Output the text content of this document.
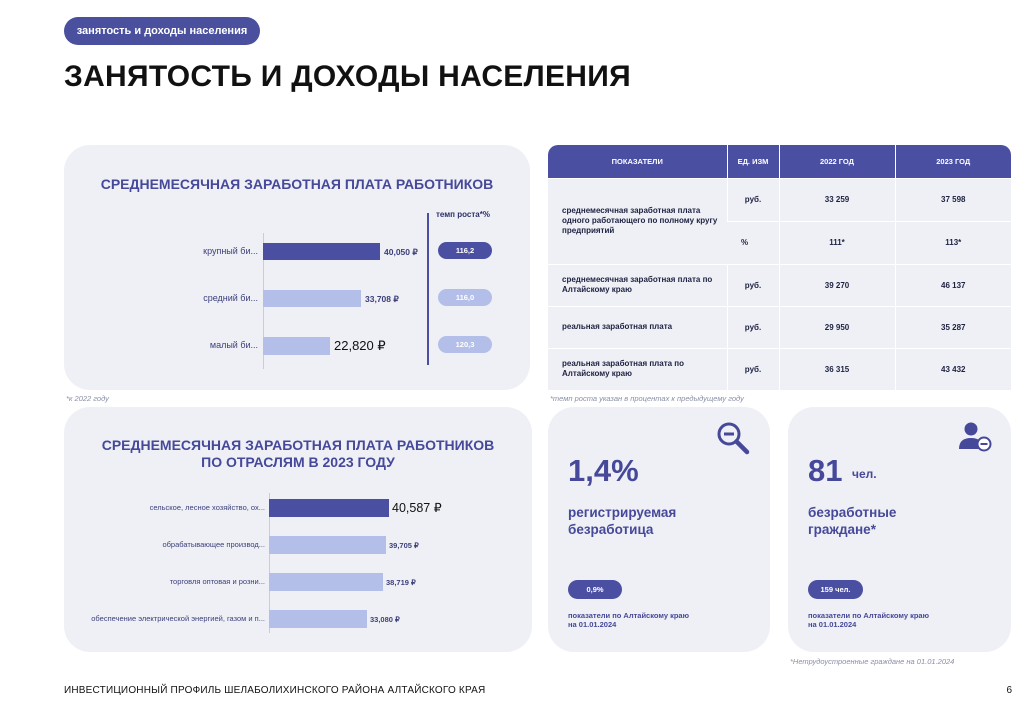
занятость и доходы населения
ЗАНЯТОСТЬ И ДОХОДЫ НАСЕЛЕНИЯ
СРЕДНЕМЕСЯЧНАЯ ЗАРАБОТНАЯ ПЛАТА РАБОТНИКОВ
темп роста*%
крупный би...	40,050 ₽	116,2
средний би...	33,708 ₽	116,0
малый би...	22,820 ₽	120,3
ПОКАЗАТЕЛИ	ЕД. ИЗМ	2022 ГОД	2023 ГОД
среднемесячная заработная плата одного работающего по полному кругу предприятий	руб.	33 259	37 598
	%	111*	113*
среднемесячная заработная плата по Алтайскому краю	руб.	39 270	46 137
реальная заработная плата	руб.	29 950	35 287
реальная заработная плата по Алтайскому краю	руб.	36 315	43 432
*к 2022 году	*темп роста указан в процентах к предыдущему году
СРЕДНЕМЕСЯЧНАЯ ЗАРАБОТНАЯ ПЛАТА РАБОТНИКОВ
ПО ОТРАСЛЯМ В 2023 ГОДУ
сельское, лесное хозяйство, ох...	40,587 ₽
обрабатывающее производ...	39,705 ₽
торговля оптовая и розни...	38,719 ₽
обеспечение электрической энергией, газом и п...	33,080 ₽
1,4%
регистрируемая
безработица
0,9%
показатели по Алтайскому краю
на 01.01.2024
81 чел.
безработные
граждане*
159 чел.
показатели по Алтайскому краю
на 01.01.2024
*Нетрудоустроенные граждане на 01.01.2024
ИНВЕСТИЦИОННЫЙ ПРОФИЛЬ ШЕЛАБОЛИХИНСКОГО РАЙОНА АЛТАЙСКОГО КРАЯ	6
